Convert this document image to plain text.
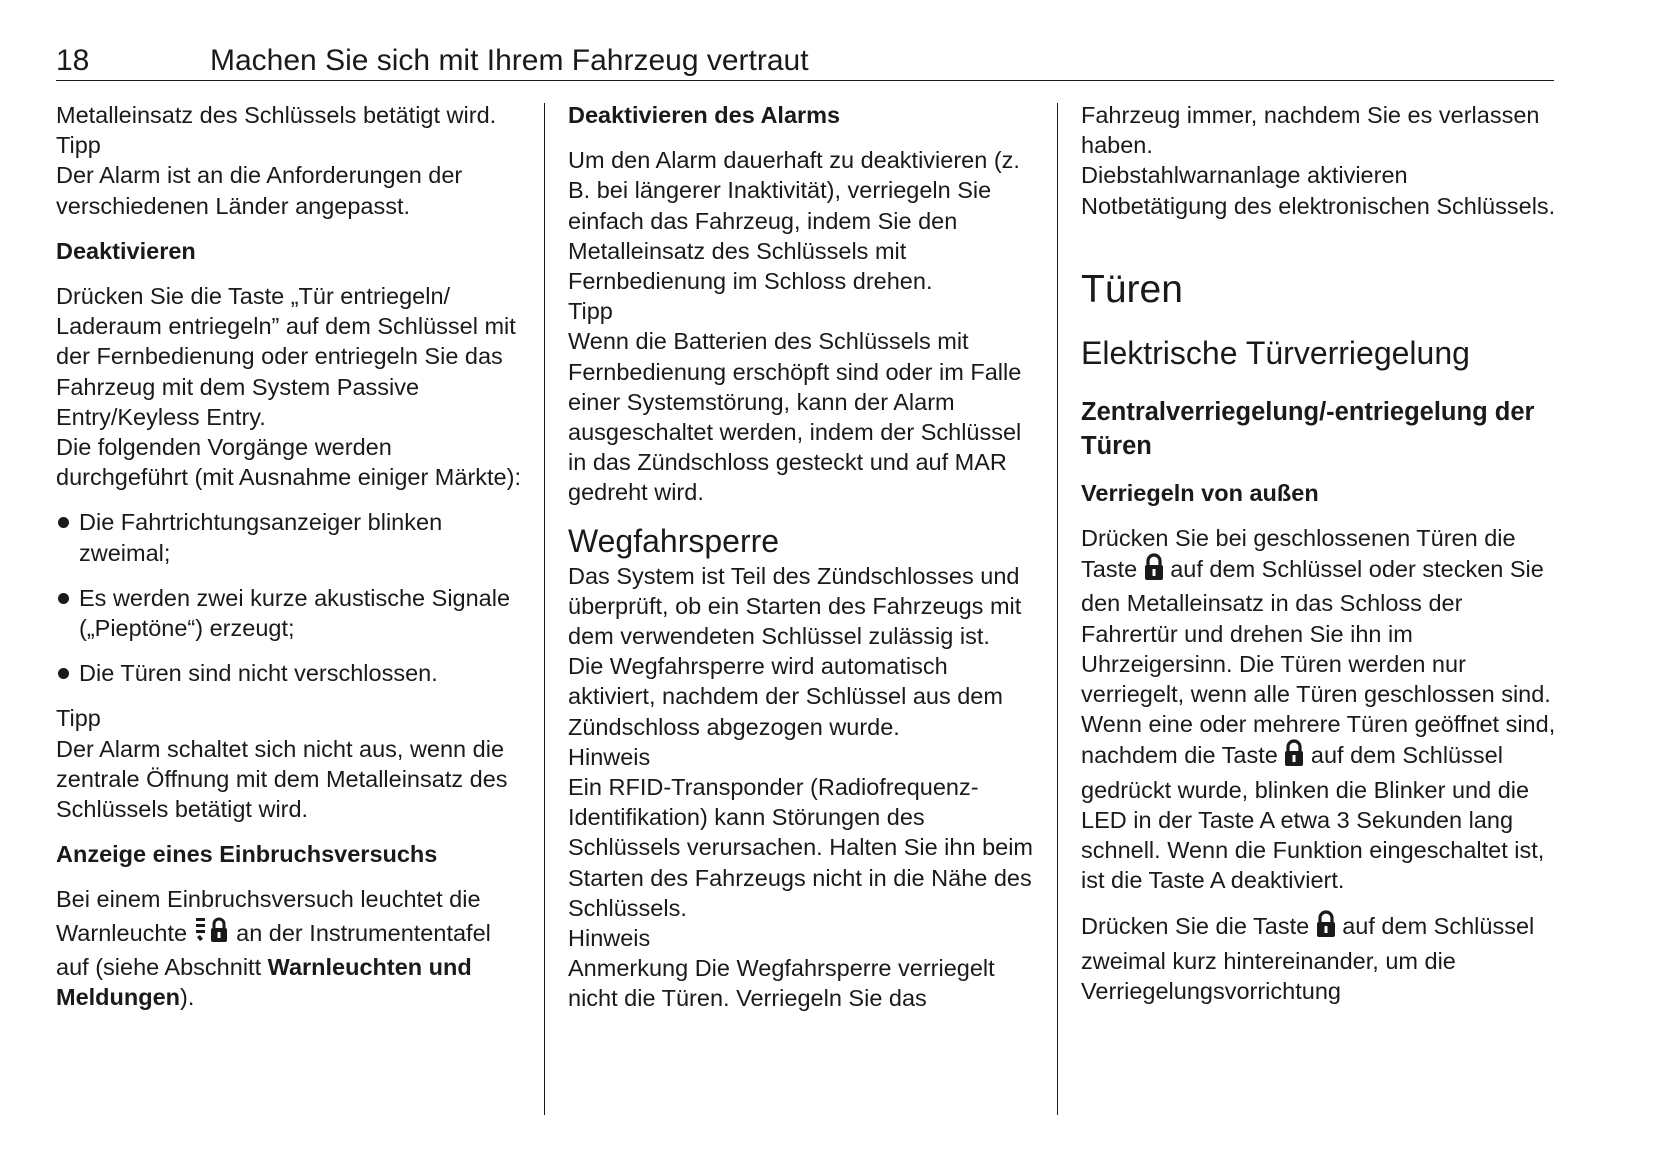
18	Machen Sie sich mit Ihrem Fahrzeug vertraut

Metalleinsatz des Schlüssels betätigt wird.

Tipp

Der Alarm ist an die Anforderungen der verschiedenen Länder angepasst.

Deaktivieren

Drücken Sie die Taste „Tür entriegeln/ Laderaum entriegeln” auf dem Schlüssel mit der Fernbedienung oder entriegeln Sie das Fahrzeug mit dem System Passive Entry/Keyless Entry.

Die folgenden Vorgänge werden durchgeführt (mit Ausnahme einiger Märkte):

Die Fahrtrichtungsanzeiger blinken zweimal;
Es werden zwei kurze akustische Signale („Pieptöne“) erzeugt;
Die Türen sind nicht verschlossen.

Tipp

Der Alarm schaltet sich nicht aus, wenn die zentrale Öffnung mit dem Metalleinsatz des Schlüssels betätigt wird.

Anzeige eines Einbruchsversuchs

Bei einem Einbruchsversuch leuchtet die Warnleuchte an der Instrumententafel auf (siehe Abschnitt Warnleuchten und Meldungen).

Deaktivieren des Alarms

Um den Alarm dauerhaft zu deaktivieren (z. B. bei längerer Inaktivität), verriegeln Sie einfach das Fahrzeug, indem Sie den Metalleinsatz des Schlüssels mit Fernbedienung im Schloss drehen.

Tipp

Wenn die Batterien des Schlüssels mit Fernbedienung erschöpft sind oder im Falle einer Systemstörung, kann der Alarm ausgeschaltet werden, indem der Schlüssel in das Zündschloss gesteckt und auf MAR gedreht wird.

Wegfahrsperre

Das System ist Teil des Zündschlosses und überprüft, ob ein Starten des Fahrzeugs mit dem verwendeten Schlüssel zulässig ist.

Die Wegfahrsperre wird automatisch aktiviert, nachdem der Schlüssel aus dem Zündschloss abgezogen wurde.

Hinweis

Ein RFID-Transponder (Radiofrequenz-Identifikation) kann Störungen des Schlüssels verursachen. Halten Sie ihn beim Starten des Fahrzeugs nicht in die Nähe des Schlüssels.

Hinweis

Anmerkung Die Wegfahrsperre verriegelt nicht die Türen. Verriegeln Sie das

Fahrzeug immer, nachdem Sie es verlassen haben.

Diebstahlwarnanlage aktivieren

Notbetätigung des elektronischen Schlüssels.

Türen
Elektrische Türverriegelung
Zentralverriegelung/-entriegelung der Türen
Verriegeln von außen

Drücken Sie bei geschlossenen Türen die Taste auf dem Schlüssel oder stecken Sie den Metalleinsatz in das Schloss der Fahrertür und drehen Sie ihn im Uhrzeigersinn. Die Türen werden nur verriegelt, wenn alle Türen geschlossen sind.

Wenn eine oder mehrere Türen geöffnet sind, nachdem die Taste auf dem Schlüssel gedrückt wurde, blinken die Blinker und die LED in der Taste A etwa 3 Sekunden lang schnell. Wenn die Funktion eingeschaltet ist, ist die Taste A deaktiviert.

Drücken Sie die Taste auf dem Schlüssel zweimal kurz hintereinander, um die Verriegelungsvorrichtung
